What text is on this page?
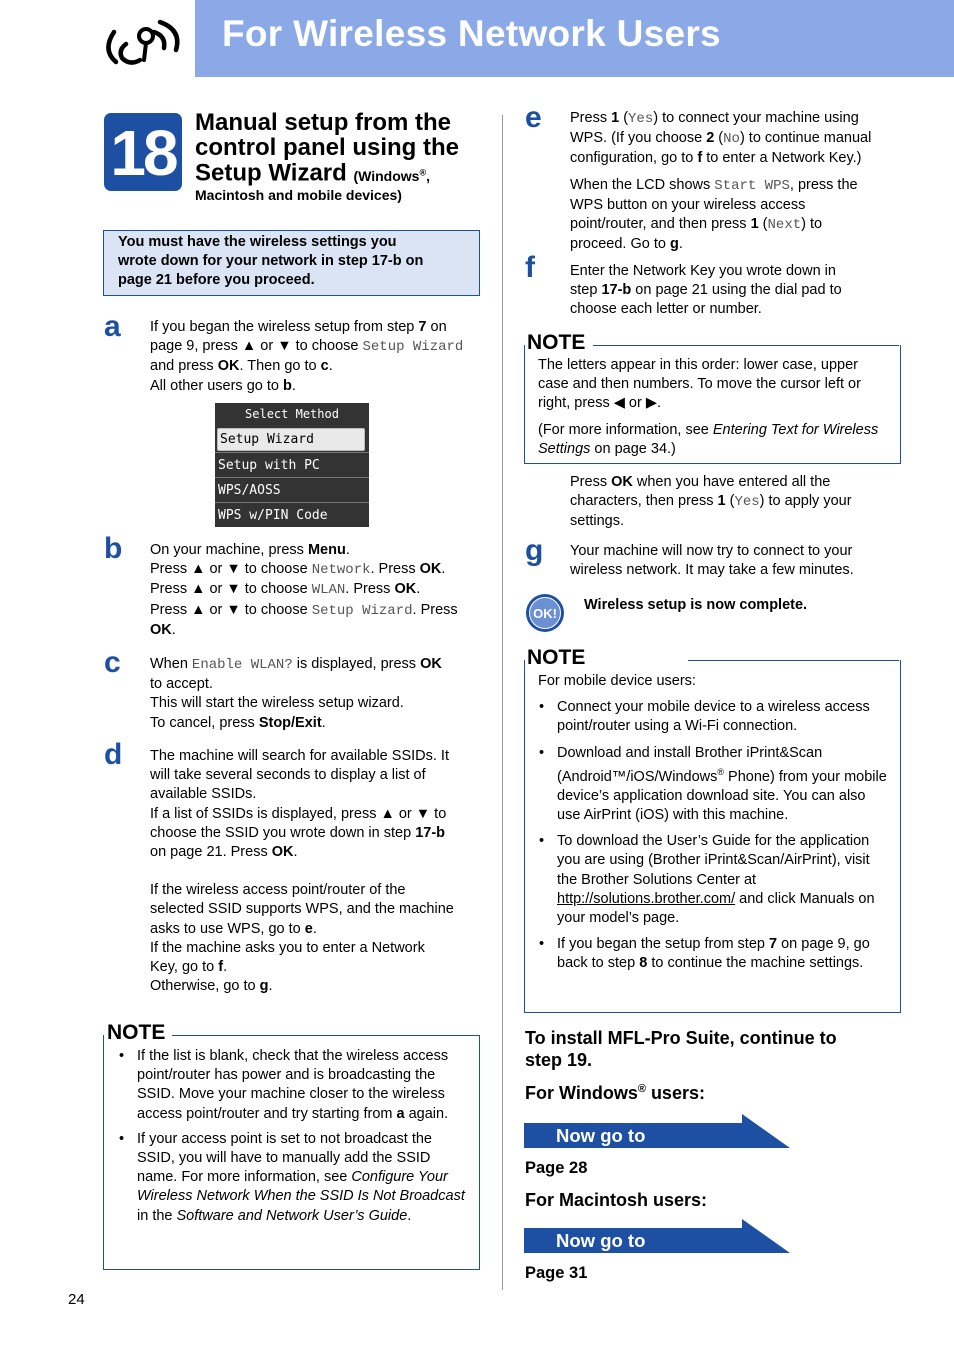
For Wireless Network Users
18 Manual setup from the
control panel using the
Setup Wizard (Windows®,
Macintosh and mobile devices)
You must have the wireless settings you
wrote down for your network in step 17-b on
page 21 before you proceed.
a If you began the wireless setup from step 7 on
page 9, press ▲ or ▼ to choose Setup Wizard
and press OK. Then go to c.
All other users go to b.
Select Method
Setup Wizard
Setup with PC
WPS/AOSS
WPS w/PIN Code
b On your machine, press Menu.
Press ▲ or ▼ to choose Network. Press OK.
Press ▲ or ▼ to choose WLAN. Press OK.
Press ▲ or ▼ to choose Setup Wizard. Press
OK.
c When Enable WLAN? is displayed, press OK
to accept.
This will start the wireless setup wizard.
To cancel, press Stop/Exit.
d The machine will search for available SSIDs. It
will take several seconds to display a list of
available SSIDs.
If a list of SSIDs is displayed, press ▲ or ▼ to
choose the SSID you wrote down in step 17-b
on page 21. Press OK.
If the wireless access point/router of the
selected SSID supports WPS, and the machine
asks to use WPS, go to e.
If the machine asks you to enter a Network
Key, go to f.
Otherwise, go to g.
NOTE
• If the list is blank, check that the wireless access point/router has power and is broadcasting the SSID. Move your machine closer to the wireless access point/router and try starting from a again.
• If your access point is set to not broadcast the SSID, you will have to manually add the SSID name. For more information, see Configure Your Wireless Network When the SSID Is Not Broadcast in the Software and Network User’s Guide.
e Press 1 (Yes) to connect your machine using
WPS. (If you choose 2 (No) to continue manual
configuration, go to f to enter a Network Key.)
When the LCD shows Start WPS, press the
WPS button on your wireless access
point/router, and then press 1 (Next) to
proceed. Go to g.
f Enter the Network Key you wrote down in
step 17-b on page 21 using the dial pad to
choose each letter or number.
NOTE
The letters appear in this order: lower case, upper case and then numbers. To move the cursor left or right, press ◀ or ▶.
(For more information, see Entering Text for Wireless Settings on page 34.)
Press OK when you have entered all the
characters, then press 1 (Yes) to apply your
settings.
g Your machine will now try to connect to your
wireless network. It may take a few minutes.
OK!
Wireless setup is now complete.
NOTE
For mobile device users:
• Connect your mobile device to a wireless access point/router using a Wi-Fi connection.
• Download and install Brother iPrint&Scan (Android™/iOS/Windows® Phone) from your mobile device’s application download site. You can also use AirPrint (iOS) with this machine.
• To download the User’s Guide for the application you are using (Brother iPrint&Scan/AirPrint), visit the Brother Solutions Center at http://solutions.brother.com/ and click Manuals on your model’s page.
• If you began the setup from step 7 on page 9, go back to step 8 to continue the machine settings.
To install MFL-Pro Suite, continue to
step 19.
For Windows® users:
Now go to
Page 28
For Macintosh users:
Now go to
Page 31
24
